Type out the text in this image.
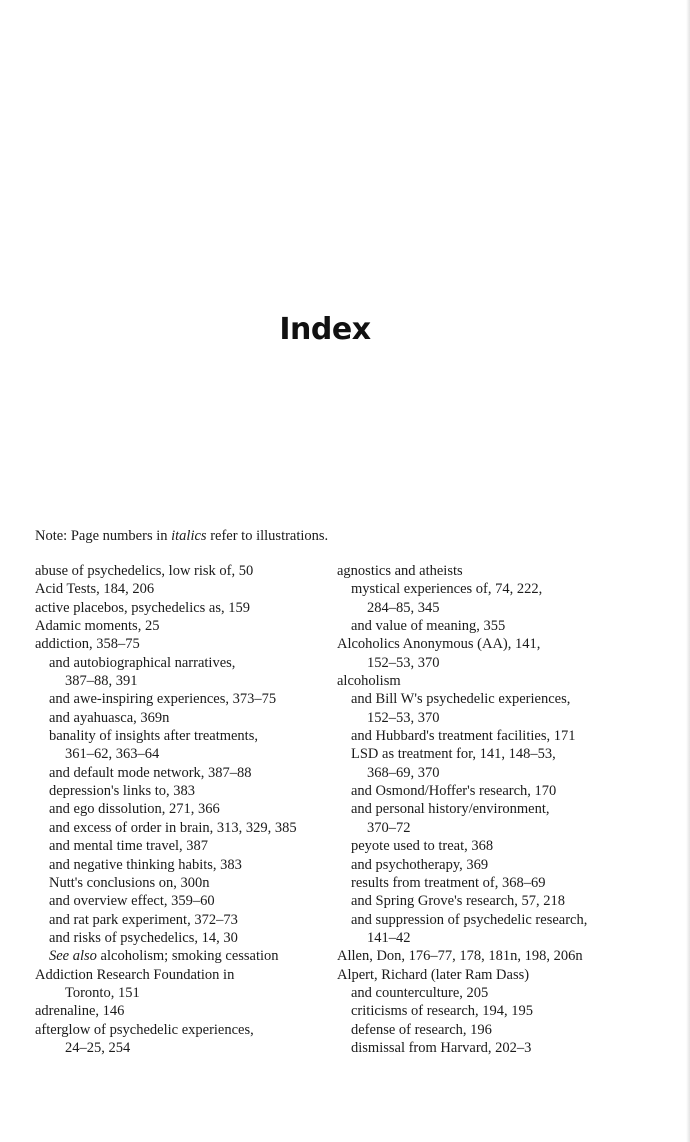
Index
Note: Page numbers in italics refer to illustrations.
abuse of psychedelics, low risk of, 50
Acid Tests, 184, 206
active placebos, psychedelics as, 159
Adamic moments, 25
addiction, 358–75
and autobiographical narratives,
387–88, 391
and awe-inspiring experiences, 373–75
and ayahuasca, 369n
banality of insights after treatments,
361–62, 363–64
and default mode network, 387–88
depression's links to, 383
and ego dissolution, 271, 366
and excess of order in brain, 313, 329, 385
and mental time travel, 387
and negative thinking habits, 383
Nutt's conclusions on, 300n
and overview effect, 359–60
and rat park experiment, 372–73
and risks of psychedelics, 14, 30
See also alcoholism; smoking cessation
Addiction Research Foundation in
Toronto, 151
adrenaline, 146
afterglow of psychedelic experiences,
24–25, 254
agnostics and atheists
mystical experiences of, 74, 222,
284–85, 345
and value of meaning, 355
Alcoholics Anonymous (AA), 141,
152–53, 370
alcoholism
and Bill W's psychedelic experiences,
152–53, 370
and Hubbard's treatment facilities, 171
LSD as treatment for, 141, 148–53,
368–69, 370
and Osmond/Hoffer's research, 170
and personal history/environment,
370–72
peyote used to treat, 368
and psychotherapy, 369
results from treatment of, 368–69
and Spring Grove's research, 57, 218
and suppression of psychedelic research,
141–42
Allen, Don, 176–77, 178, 181n, 198, 206n
Alpert, Richard (later Ram Dass)
and counterculture, 205
criticisms of research, 194, 195
defense of research, 196
dismissal from Harvard, 202–3
